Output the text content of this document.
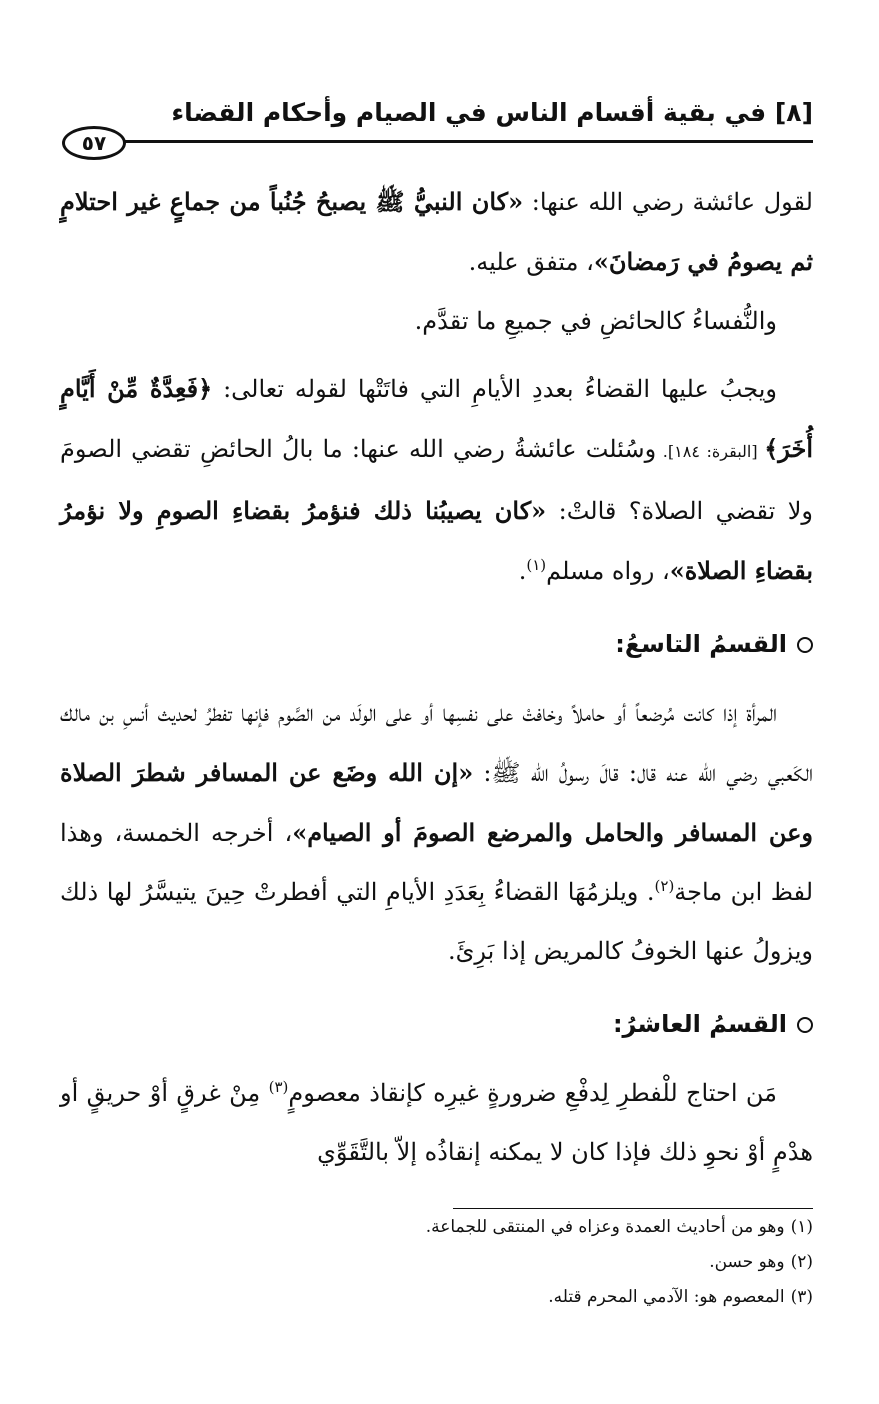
[٨] في بقية أقسام الناس في الصيام وأحكام القضاء
٥٧

لقول عائشة رضي الله عنها: «كان النبيُّ ﷺ يصبحُ جُنُباً من جماعٍ غير احتلامٍ ثم يصومُ في رَمضانَ»، متفق عليه.

والنُّفساءُ كالحائضِ في جميعِ ما تقدَّم.

ويجبُ عليها القضاءُ بعددِ الأيامِ التي فاتَتْها لقوله تعالى: ﴿فَعِدَّةٌ مِّنْ أَيَّامٍ أُخَرَ﴾ [البقرة: ١٨٤]. وسُئلت عائشةُ رضي الله عنها: ما بالُ الحائضِ تقضي الصومَ ولا تقضي الصلاة؟ قالتْ: «كان يصيبُنا ذلك فنؤمرُ بقضاءِ الصومِ ولا نؤمرُ بقضاءِ الصلاة»، رواه مسلم$^{(١)}$.

القسمُ التاسعُ:

المرأة إذا كانت مُرضعاً أو حاملاً وخافتْ على نفسِها أو على الولَد من الصَّوم فإنها تفطرُ لحديث أنسِ بن مالك الكَعبي رضي الله عنه قال: قالَ رسولُ الله ﷺ: «إن الله وضَع عن المسافر شطرَ الصلاة وعن المسافر والحامل والمرضع الصومَ أو الصيام»، أخرجه الخمسة، وهذا لفظ ابن ماجة$^{(٢)}$. ويلزمُهَا القضاءُ بِعَدَدِ الأيامِ التي أفطرتْ حِينَ يتيسَّرُ لها ذلك ويزولُ عنها الخوفُ كالمريض إذا بَرِئَ.

القسمُ العاشرُ:

مَن احتاج للْفطرِ لِدفْعِ ضرورةٍ غيرِه كإنقاذ معصومٍ$^{(٣)}$ مِنْ غرقٍ أوْ حريقٍ أو هدْمٍ أوْ نحوِ ذلك فإذا كان لا يمكنه إنقاذُه إلاّ بالتَّقَوِّي

(١)
وهو من أحاديث العمدة وعزاه في المنتقى للجماعة.
(٢)
وهو حسن.
(٣)
المعصوم هو: الآدمي المحرم قتله.
